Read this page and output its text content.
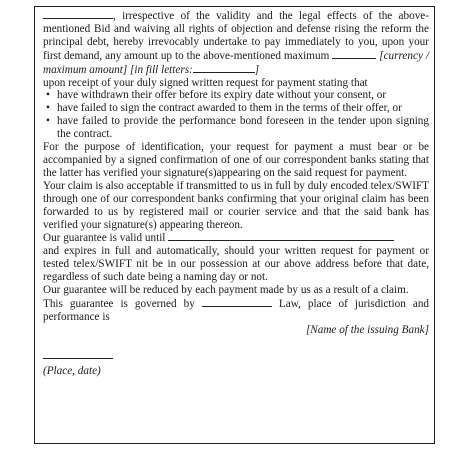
, irrespective of the validity and the legal effects of the above-mentioned Bid and waiving all rights of objection and defense rising the reform the principal debt, hereby irrevocably undertake to pay immediately to you, upon your first demand, any amount up to the above-mentioned maximum	[currency / maximum amount] [in fill letters:	]

upon receipt of your duly signed written request for payment stating that

• have withdrawn their offer before its expiry date without your consent, or

• have failed to sign the contract awarded to them in the terms of their offer, or

• have failed to provide the performance bond foreseen in the tender upon signing the contract.

For the purpose of identification, your request for payment a must bear or be accompanied by a signed confirmation of one of our correspondent banks stating that the latter has verified your signature(s)appearing on the said request for payment.

Your claim is also acceptable if transmitted to us in full by duly encoded telex/SWIFT through one of our correspondent banks confirming that your original claim has been forwarded to us by registered mail or courier service and that the said bank has verified your signature(s) appearing thereon.

Our guarantee is valid until

and expires in full and automatically, should your written request for payment or tested telex/SWIFT nit be in our possession at our above address before that date, regardless of such date being a naming day or not.

Our guarantee will be reduced by each payment made by us as a result of a claim.

This guarantee is governed by	Law, place of jurisdiction and performance is

[Name of the issuing Bank]

(Place, date)
